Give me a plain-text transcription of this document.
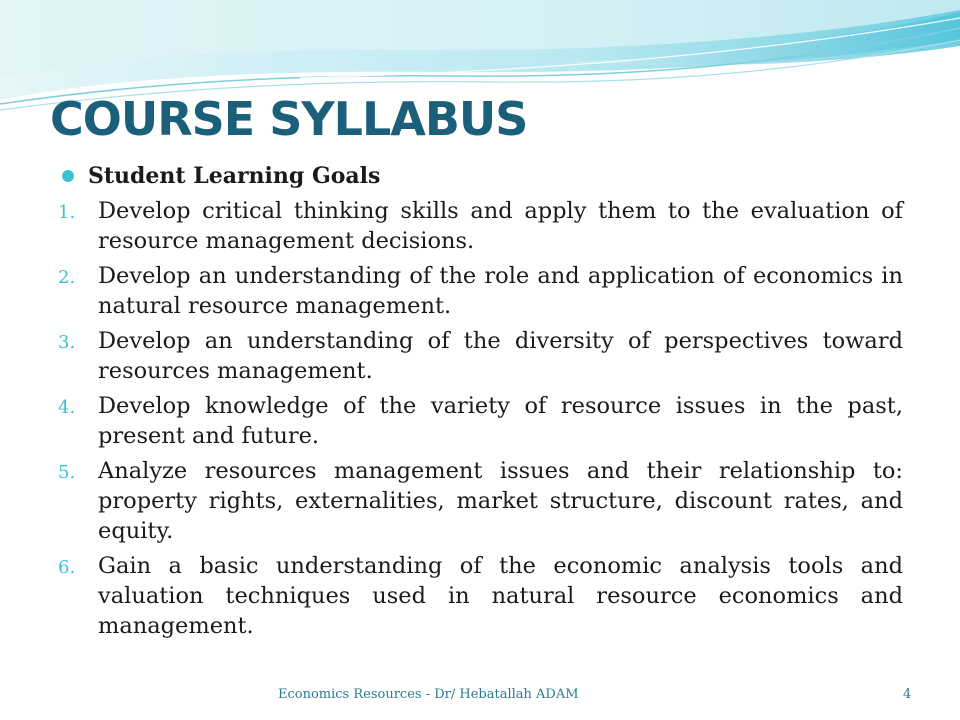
COURSE SYLLABUS
Student Learning Goals
1.	Develop critical thinking skills and apply them to the evaluation of resource management decisions.
2.	Develop an understanding of the role and application of economics in natural resource management.
3.	Develop an understanding of the diversity of perspectives toward resources management.
4.	Develop knowledge of the variety of resource issues in the past, present and future.
5.	Analyze resources management issues and their relationship to: property rights, externalities, market structure, discount rates, and equity.
6.	Gain a basic understanding of the economic analysis tools and valuation techniques used in natural resource economics and management.
Economics Resources - Dr/ Hebatallah ADAM	4
